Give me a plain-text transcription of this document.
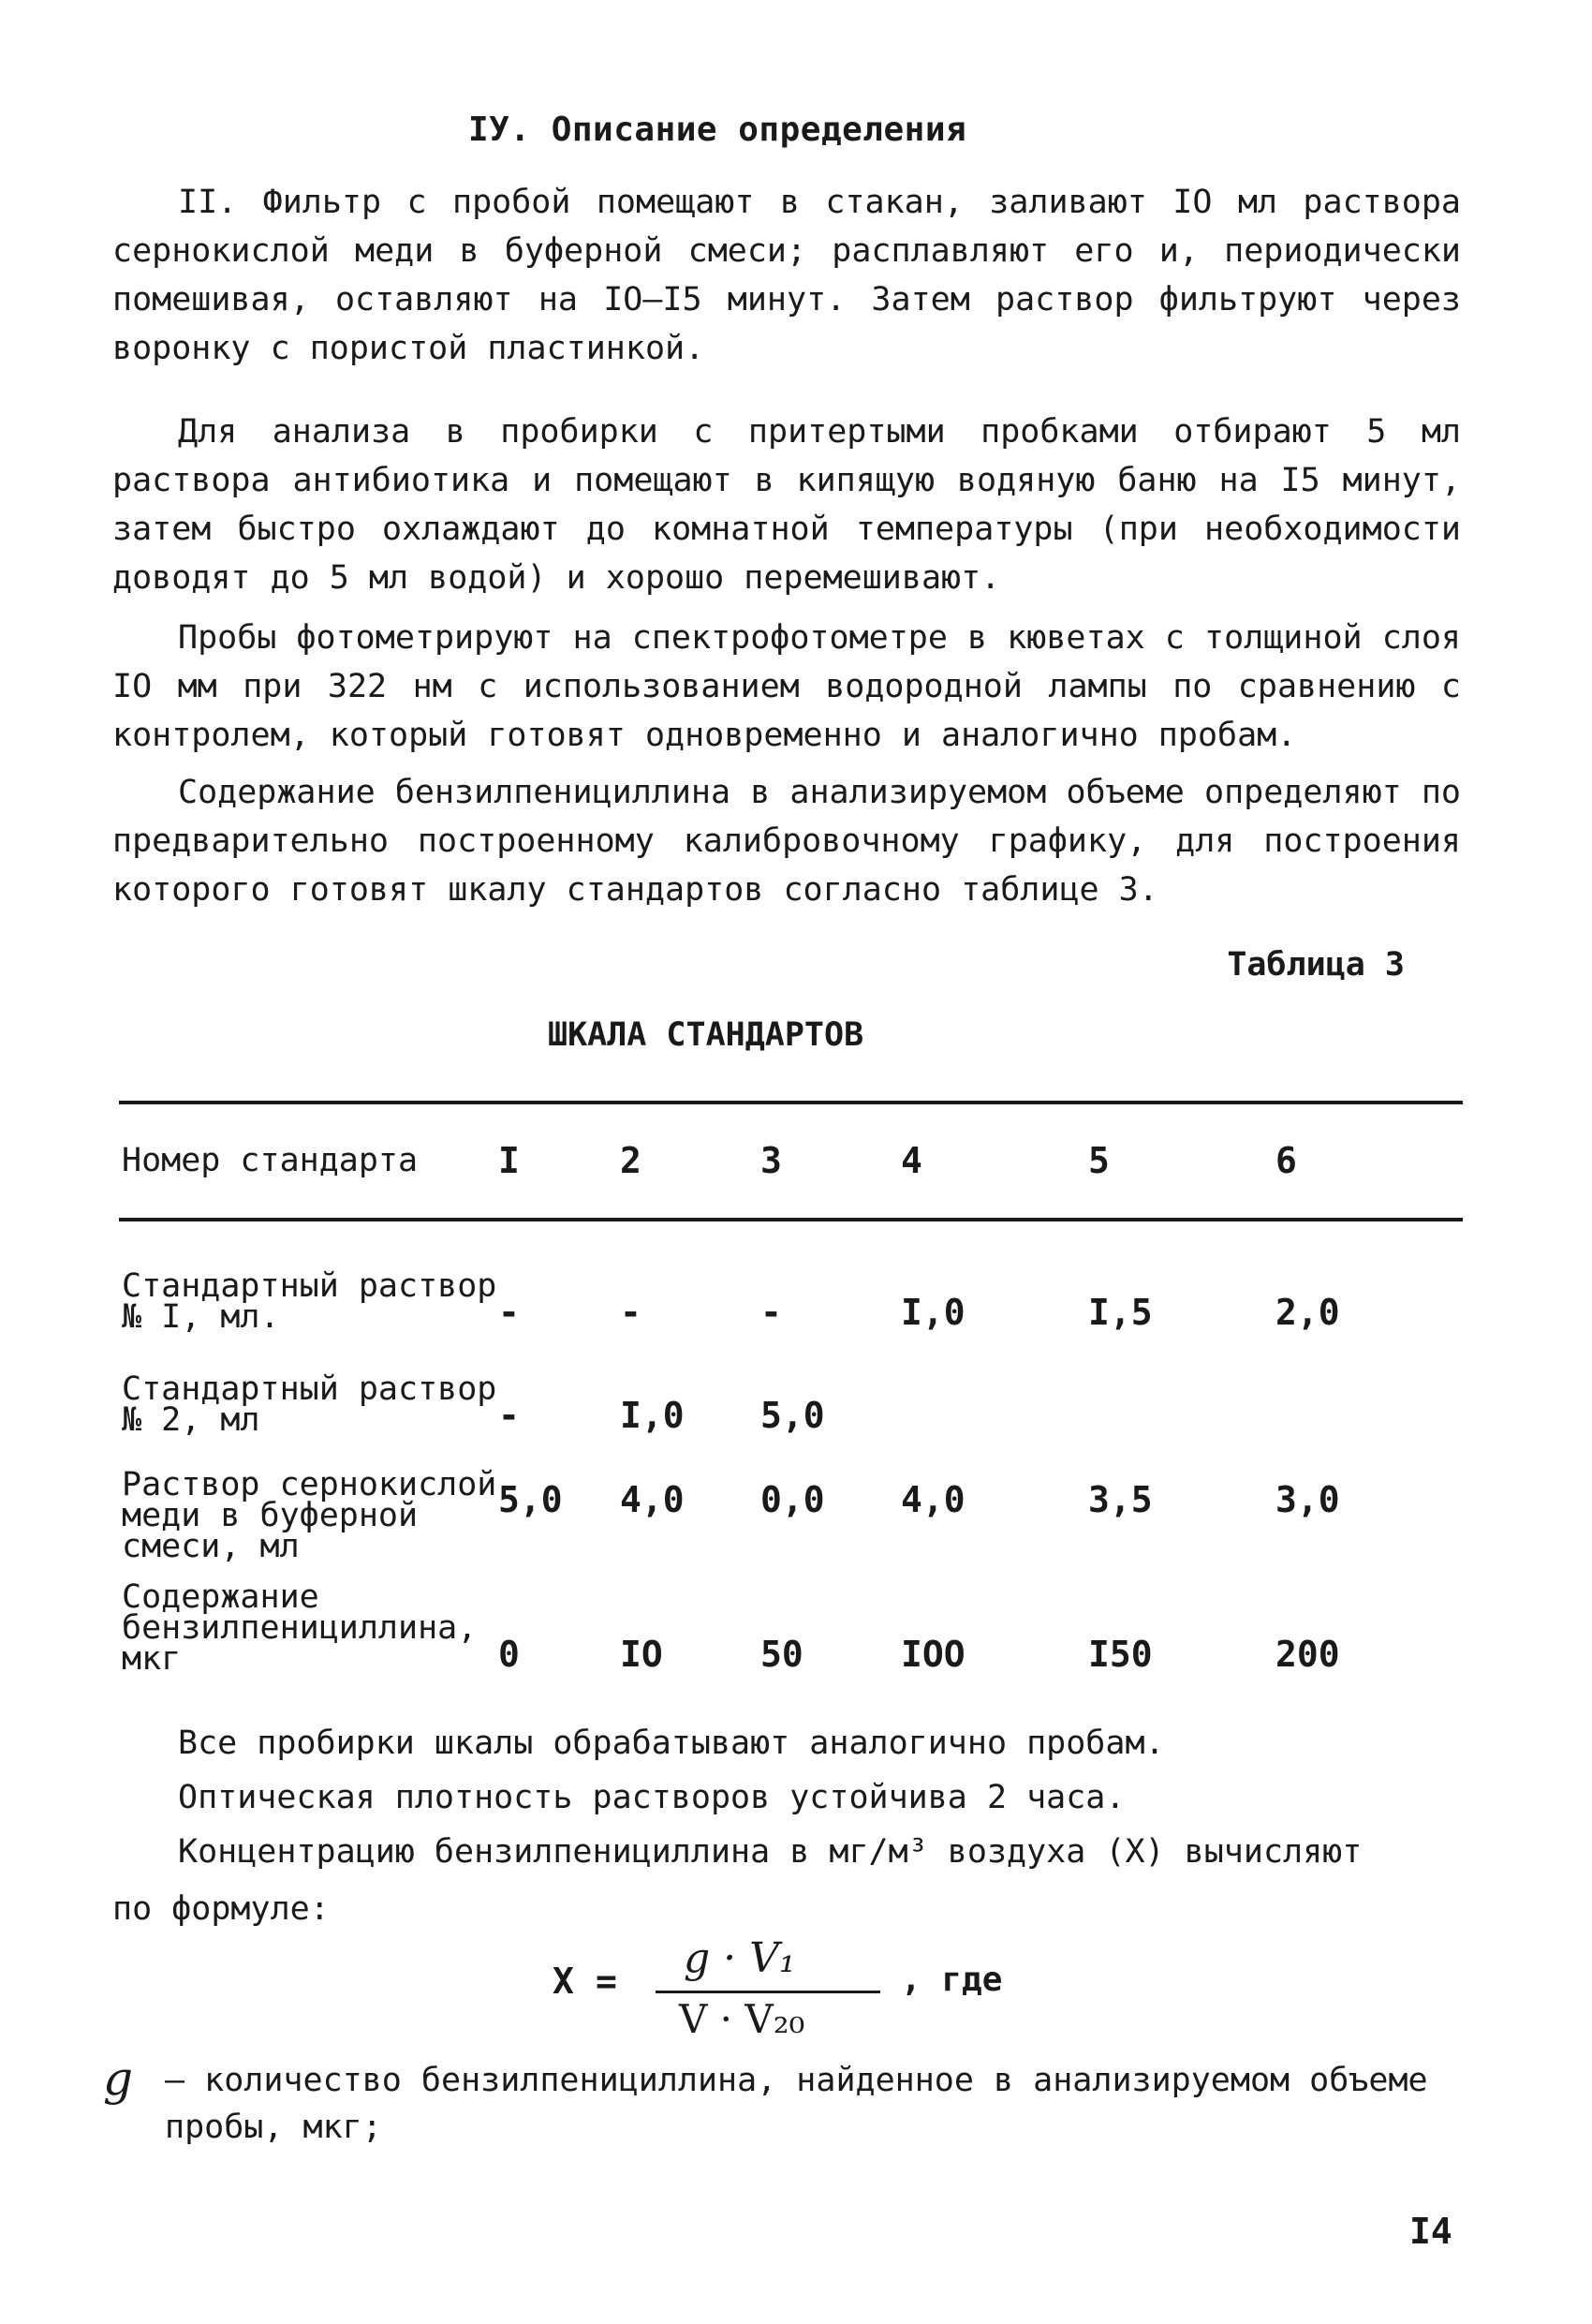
IУ. Описание определения

II. Фильтр с пробой помещают в стакан, заливают IO мл раствора сернокислой меди в буферной смеси; расплавляют его и, периодически помешивая, оставляют на IO–I5 минут. Затем раствор фильтруют через воронку с пористой пластинкой.

Для анализа в пробирки с притертыми пробками отбирают 5 мл раствора антибиотика и помещают в кипящую водяную баню на I5 минут, затем быстро охлаждают до комнатной температуры (при необходимости доводят до 5 мл водой) и хорошо перемешивают.

Пробы фотометрируют на спектрофотометре в кюветах с толщиной слоя IO мм при 322 нм с использованием водородной лампы по сравнению с контролем, который готовят одновременно и аналогично пробам.

Содержание бензилпенициллина в анализируемом объеме определяют по предварительно построенному калибровочному графику, для построения которого готовят шкалу стандартов согласно таблице 3.

Таблица 3
ШКАЛА СТАНДАРТОВ
Номер стандарта	I	2	3	4	5	6
Стандартный раствор № I, мл.	-	-	-	I,0	I,5	2,0
Стандартный раствор № 2, мл	-	I,0	5,0			
Раствор сернокислой меди в буферной смеси, мл	5,0	4,0	0,0	4,0	3,5	3,0
Содержание бензилпенициллина, мкг	0	IO	50	IOO	I50	200

Все пробирки шкалы обрабатывают аналогично пробам.

Оптическая плотность растворов устойчива 2 часа.

Концентрацию бензилпенициллина в мг/м³ воздуха (X) вычисляют

по формуле:

X = g · V₁
V · V₂₀
, где
g – количество бензилпенициллина, найденное в анализируемом объеме пробы, мкг;
I4
